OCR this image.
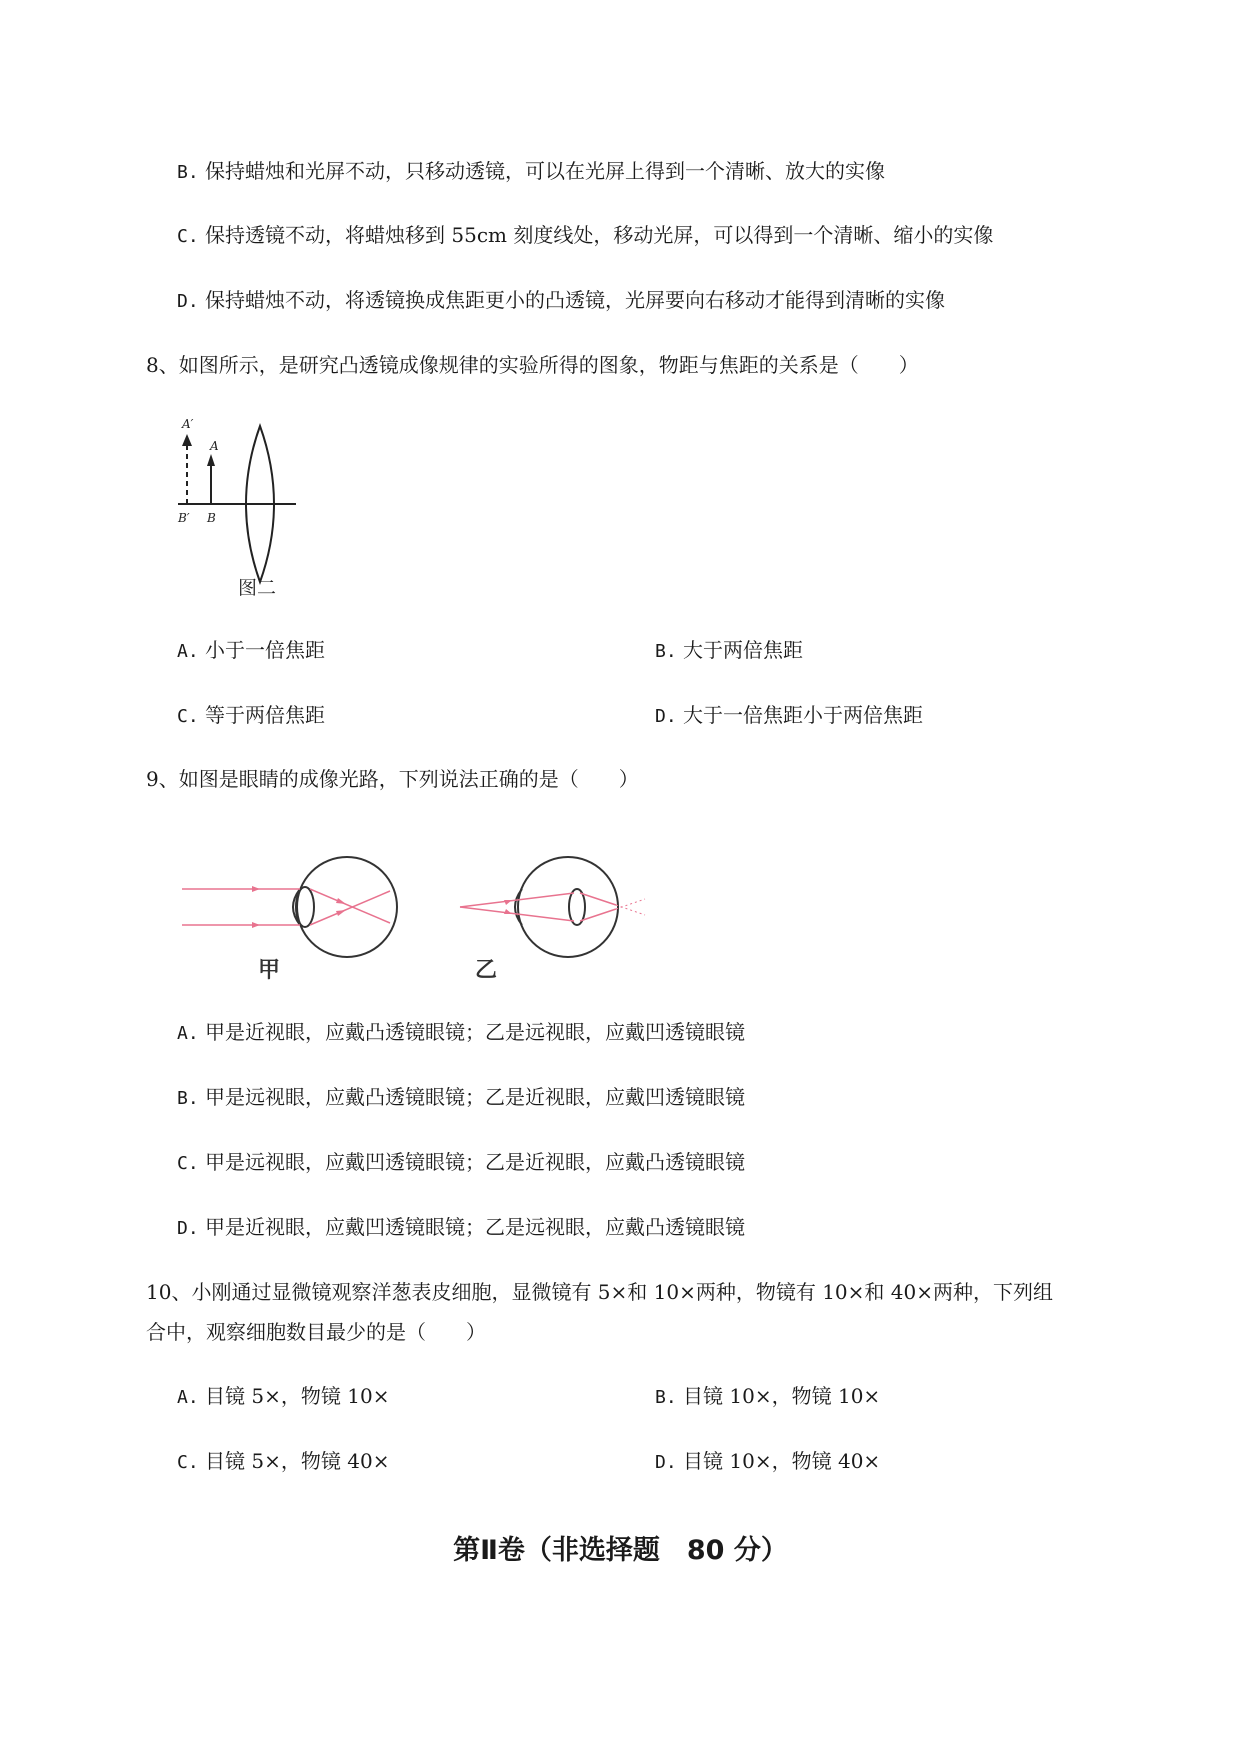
B. 保持蜡烛和光屏不动，只移动透镜，可以在光屏上得到一个清晰、放大的实像
C. 保持透镜不动，将蜡烛移到 55cm 刻度线处，移动光屏，可以得到一个清晰、缩小的实像
D. 保持蜡烛不动，将透镜换成焦距更小的凸透镜，光屏要向右移动才能得到清晰的实像
8、如图所示，是研究凸透镜成像规律的实验所得的图象，物距与焦距的关系是（　　）
A′
A
B′ B
图二
A. 小于一倍焦距	B. 大于两倍焦距
C. 等于两倍焦距	D. 大于一倍焦距小于两倍焦距
9、如图是眼睛的成像光路，下列说法正确的是（　　）
甲	乙
A. 甲是近视眼，应戴凸透镜眼镜；乙是远视眼，应戴凹透镜眼镜
B. 甲是远视眼，应戴凸透镜眼镜；乙是近视眼，应戴凹透镜眼镜
C. 甲是远视眼，应戴凹透镜眼镜；乙是近视眼，应戴凸透镜眼镜
D. 甲是近视眼，应戴凹透镜眼镜；乙是远视眼，应戴凸透镜眼镜
10、小刚通过显微镜观察洋葱表皮细胞，显微镜有 5×和 10×两种，物镜有 10×和 40×两种，下列组
合中，观察细胞数目最少的是（　　）
A. 目镜 5×，物镜 10×	B. 目镜 10×，物镜 10×
C. 目镜 5×，物镜 40×	D. 目镜 10×，物镜 40×
第Ⅱ卷（非选择题　80 分）
